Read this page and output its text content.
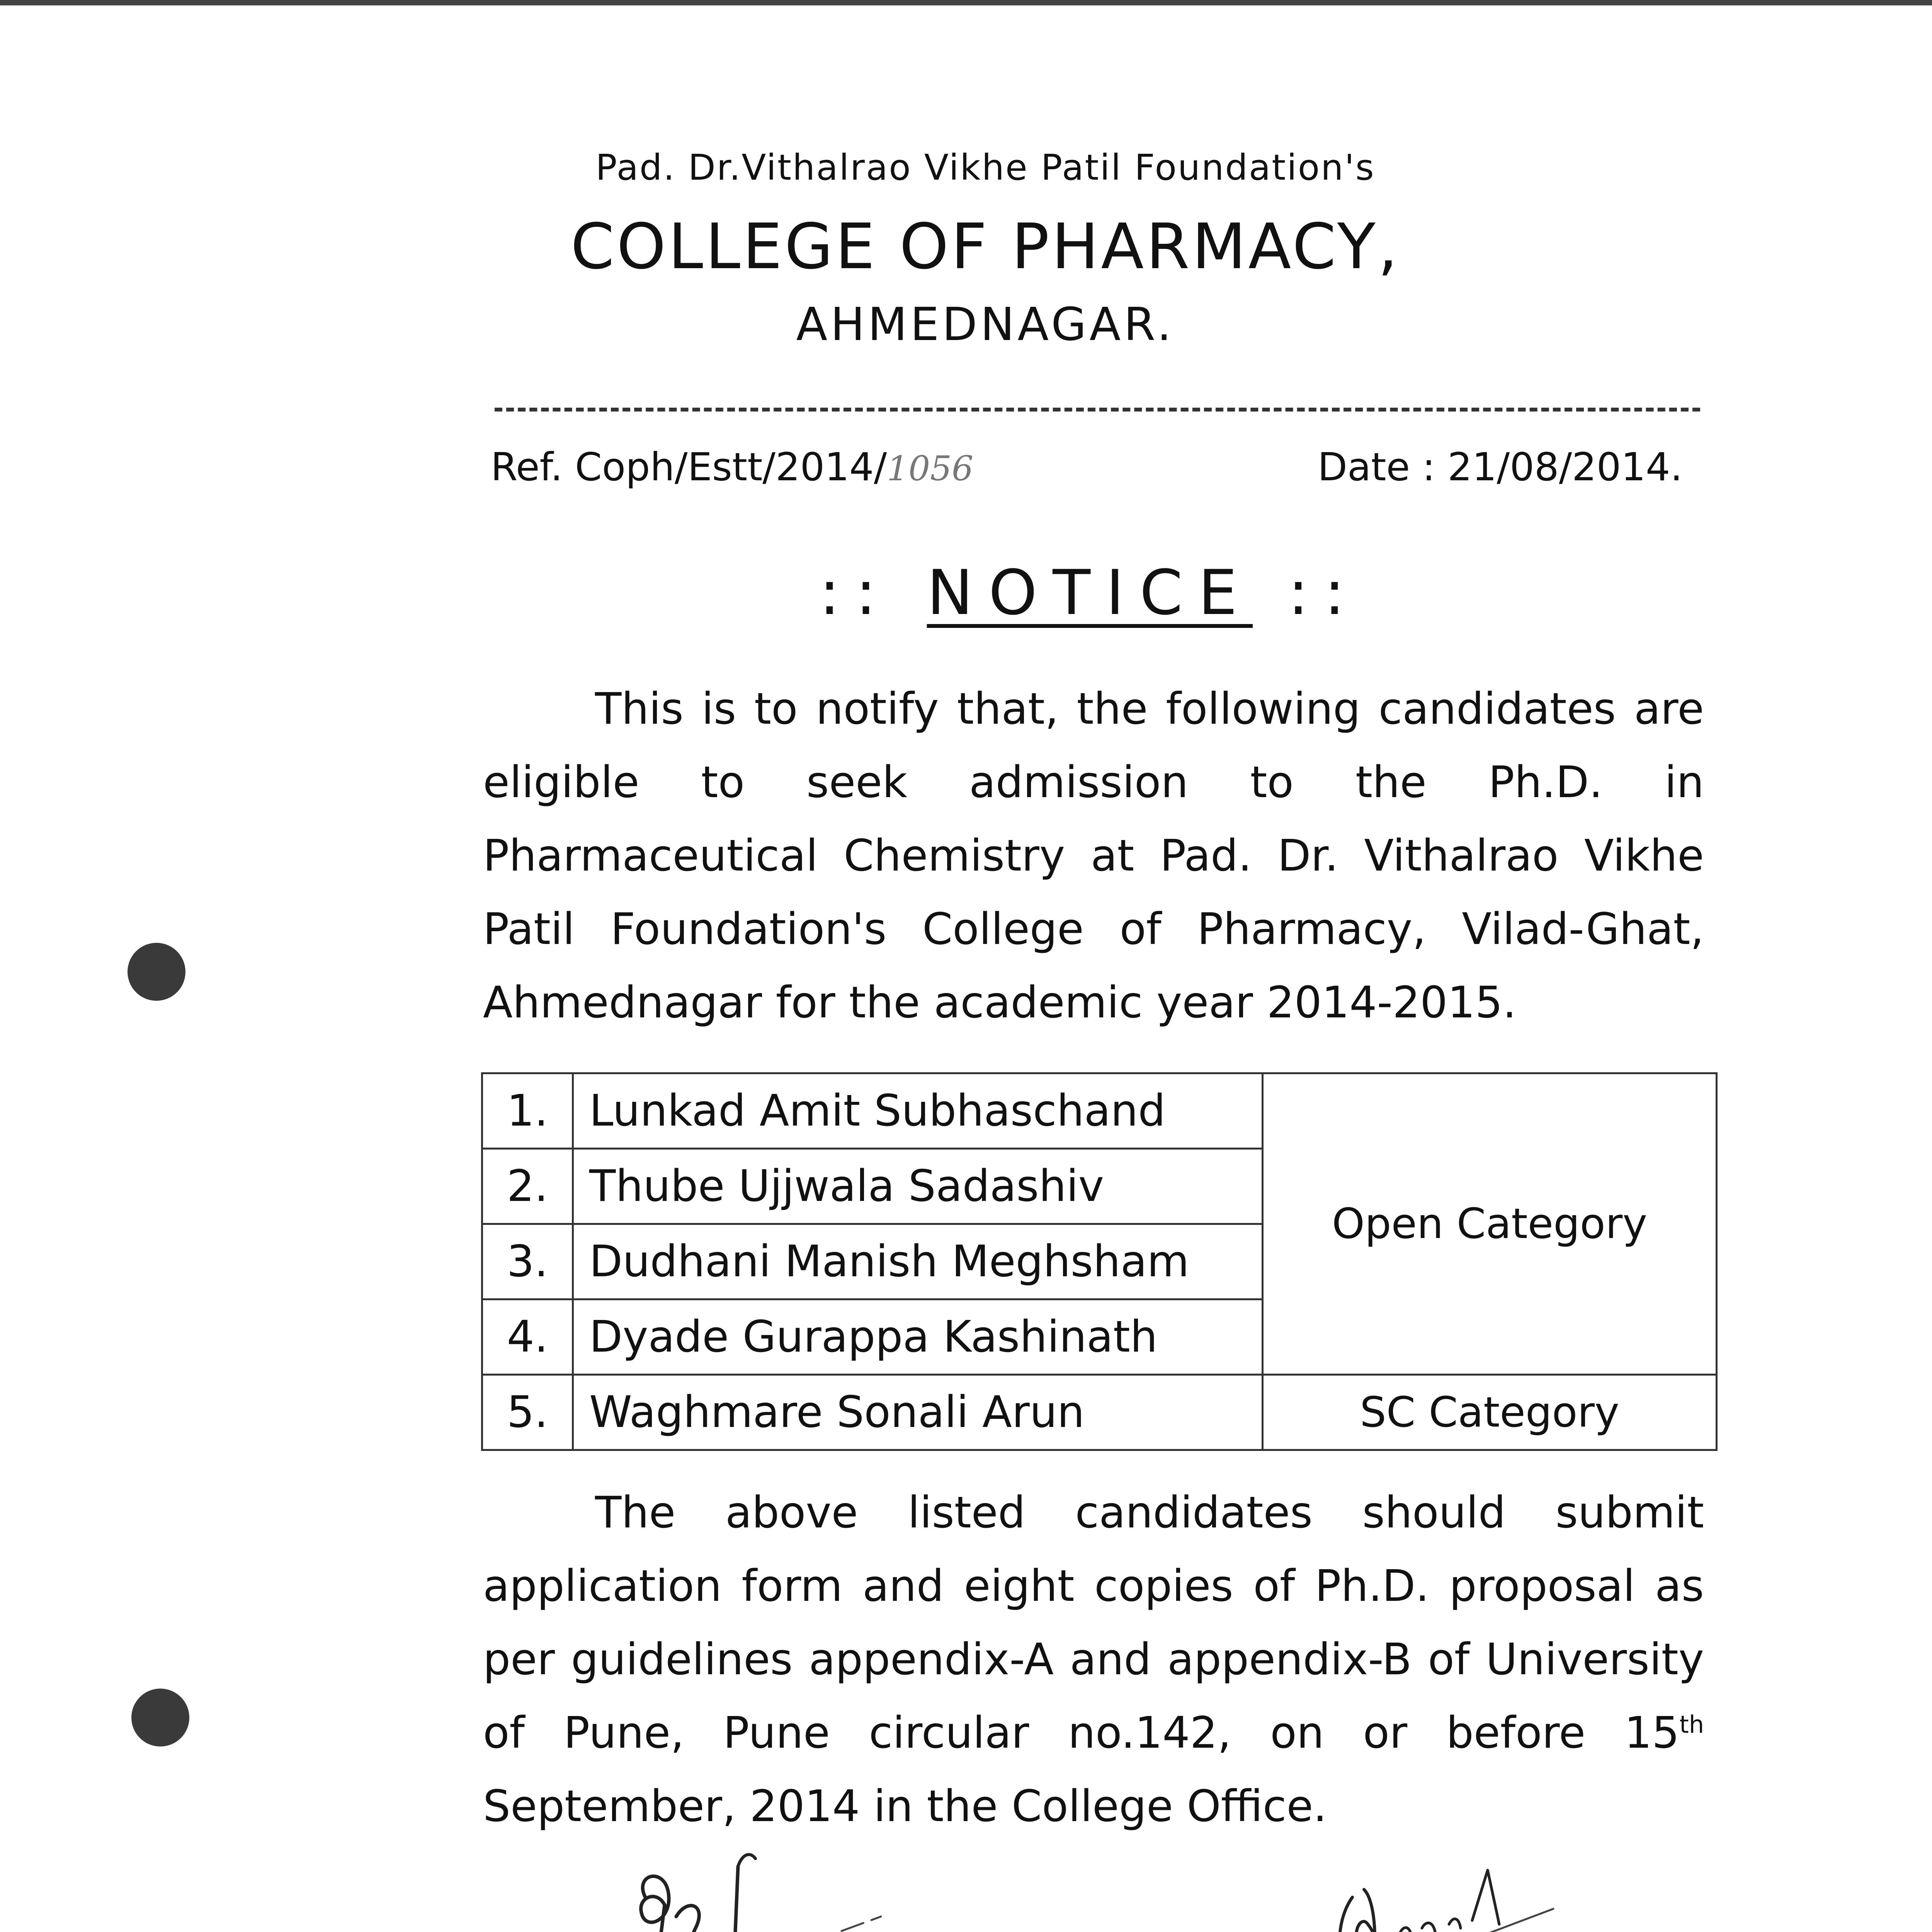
Pad. Dr.Vithalrao Vikhe Patil Foundation's
COLLEGE OF PHARMACY,
AHMEDNAGAR.
Ref. Coph/Estt/2014/1056	Date : 21/08/2014.
:: NOTICE ::
This is to notify that, the following candidates are eligible to seek admission to the Ph.D. in Pharmaceutical Chemistry at Pad. Dr. Vithalrao Vikhe Patil Foundation's College of Pharmacy, Vilad-Ghat, Ahmednagar for the academic year 2014-2015.
1.	Lunkad Amit Subhaschand	Open Category
2.	Thube Ujjwala Sadashiv	
3.	Dudhani Manish Meghsham	
4.	Dyade Gurappa Kashinath	
5.	Waghmare Sonali Arun	SC Category
The above listed candidates should submit application form and eight copies of Ph.D. proposal as per guidelines appendix-A and appendix-B of University of Pune, Pune circular no.142, on or before 15th September, 2014 in the College Office.
